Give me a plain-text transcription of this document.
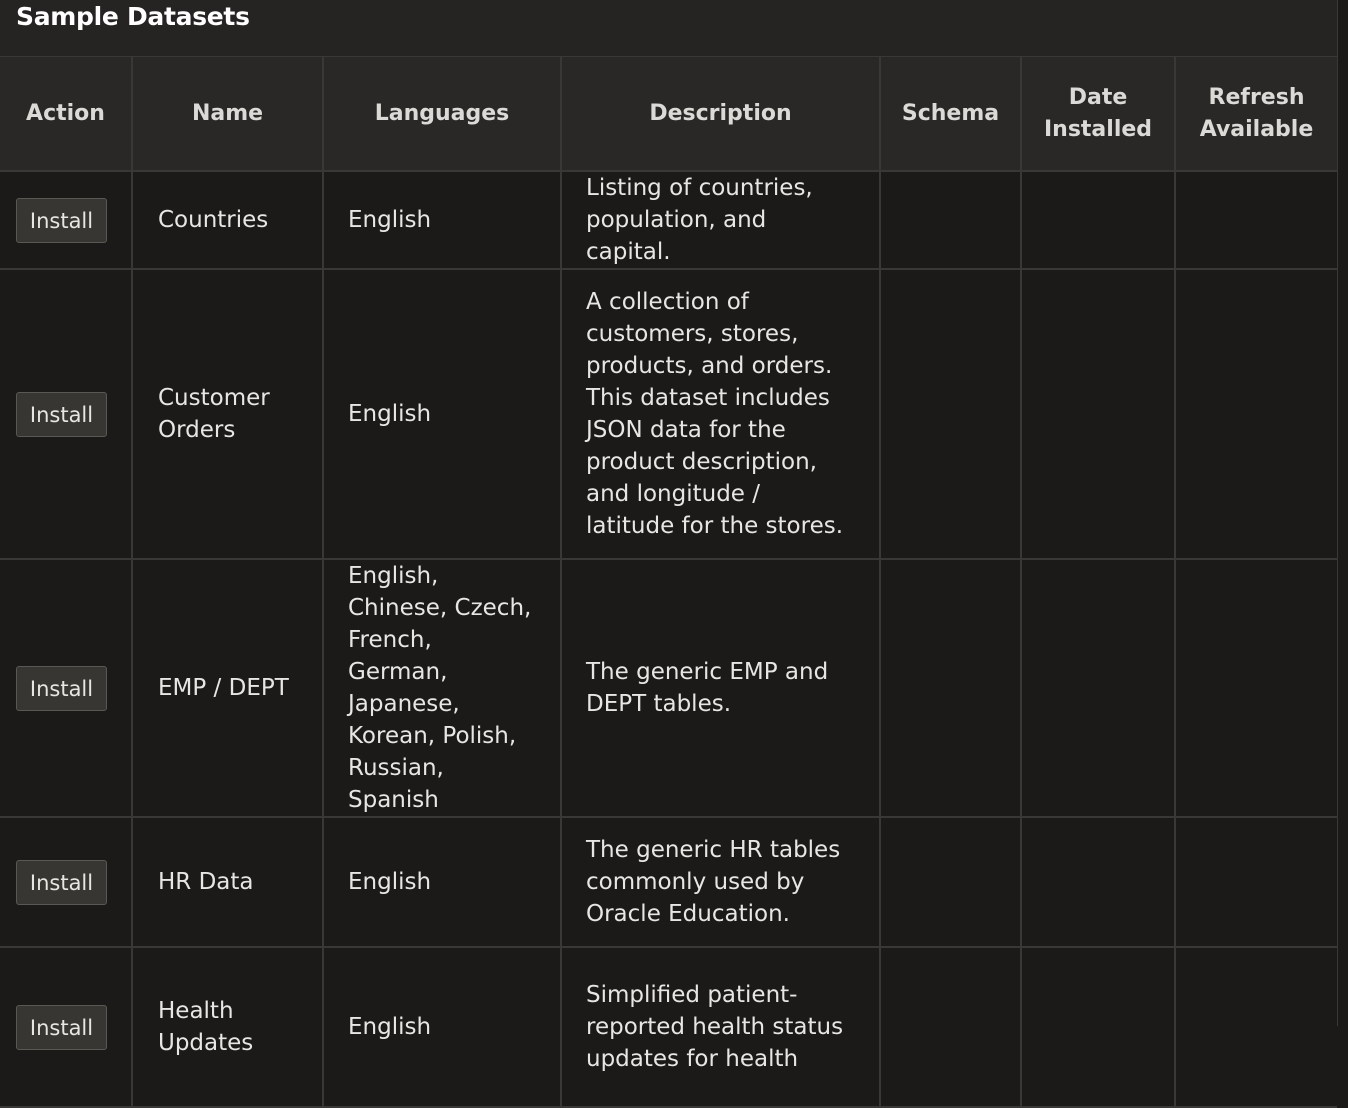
Sample Datasets
Action	Name	Languages	Description	Schema	Date Installed	Refresh Available
Install	Countries	English	Listing of countries, population, and capital.			
Install	Customer Orders	English	A collection of customers, stores, products, and orders. This dataset includes JSON data for the product description, and longitude / latitude for the stores.			
Install	EMP / DEPT	English, Chinese, Czech, French, German, Japanese, Korean, Polish, Russian, Spanish	The generic EMP and DEPT tables.			
Install	HR Data	English	The generic HR tables commonly used by Oracle Education.			
Install	Health Updates	English	Simplified patient-reported health status updates for health			
